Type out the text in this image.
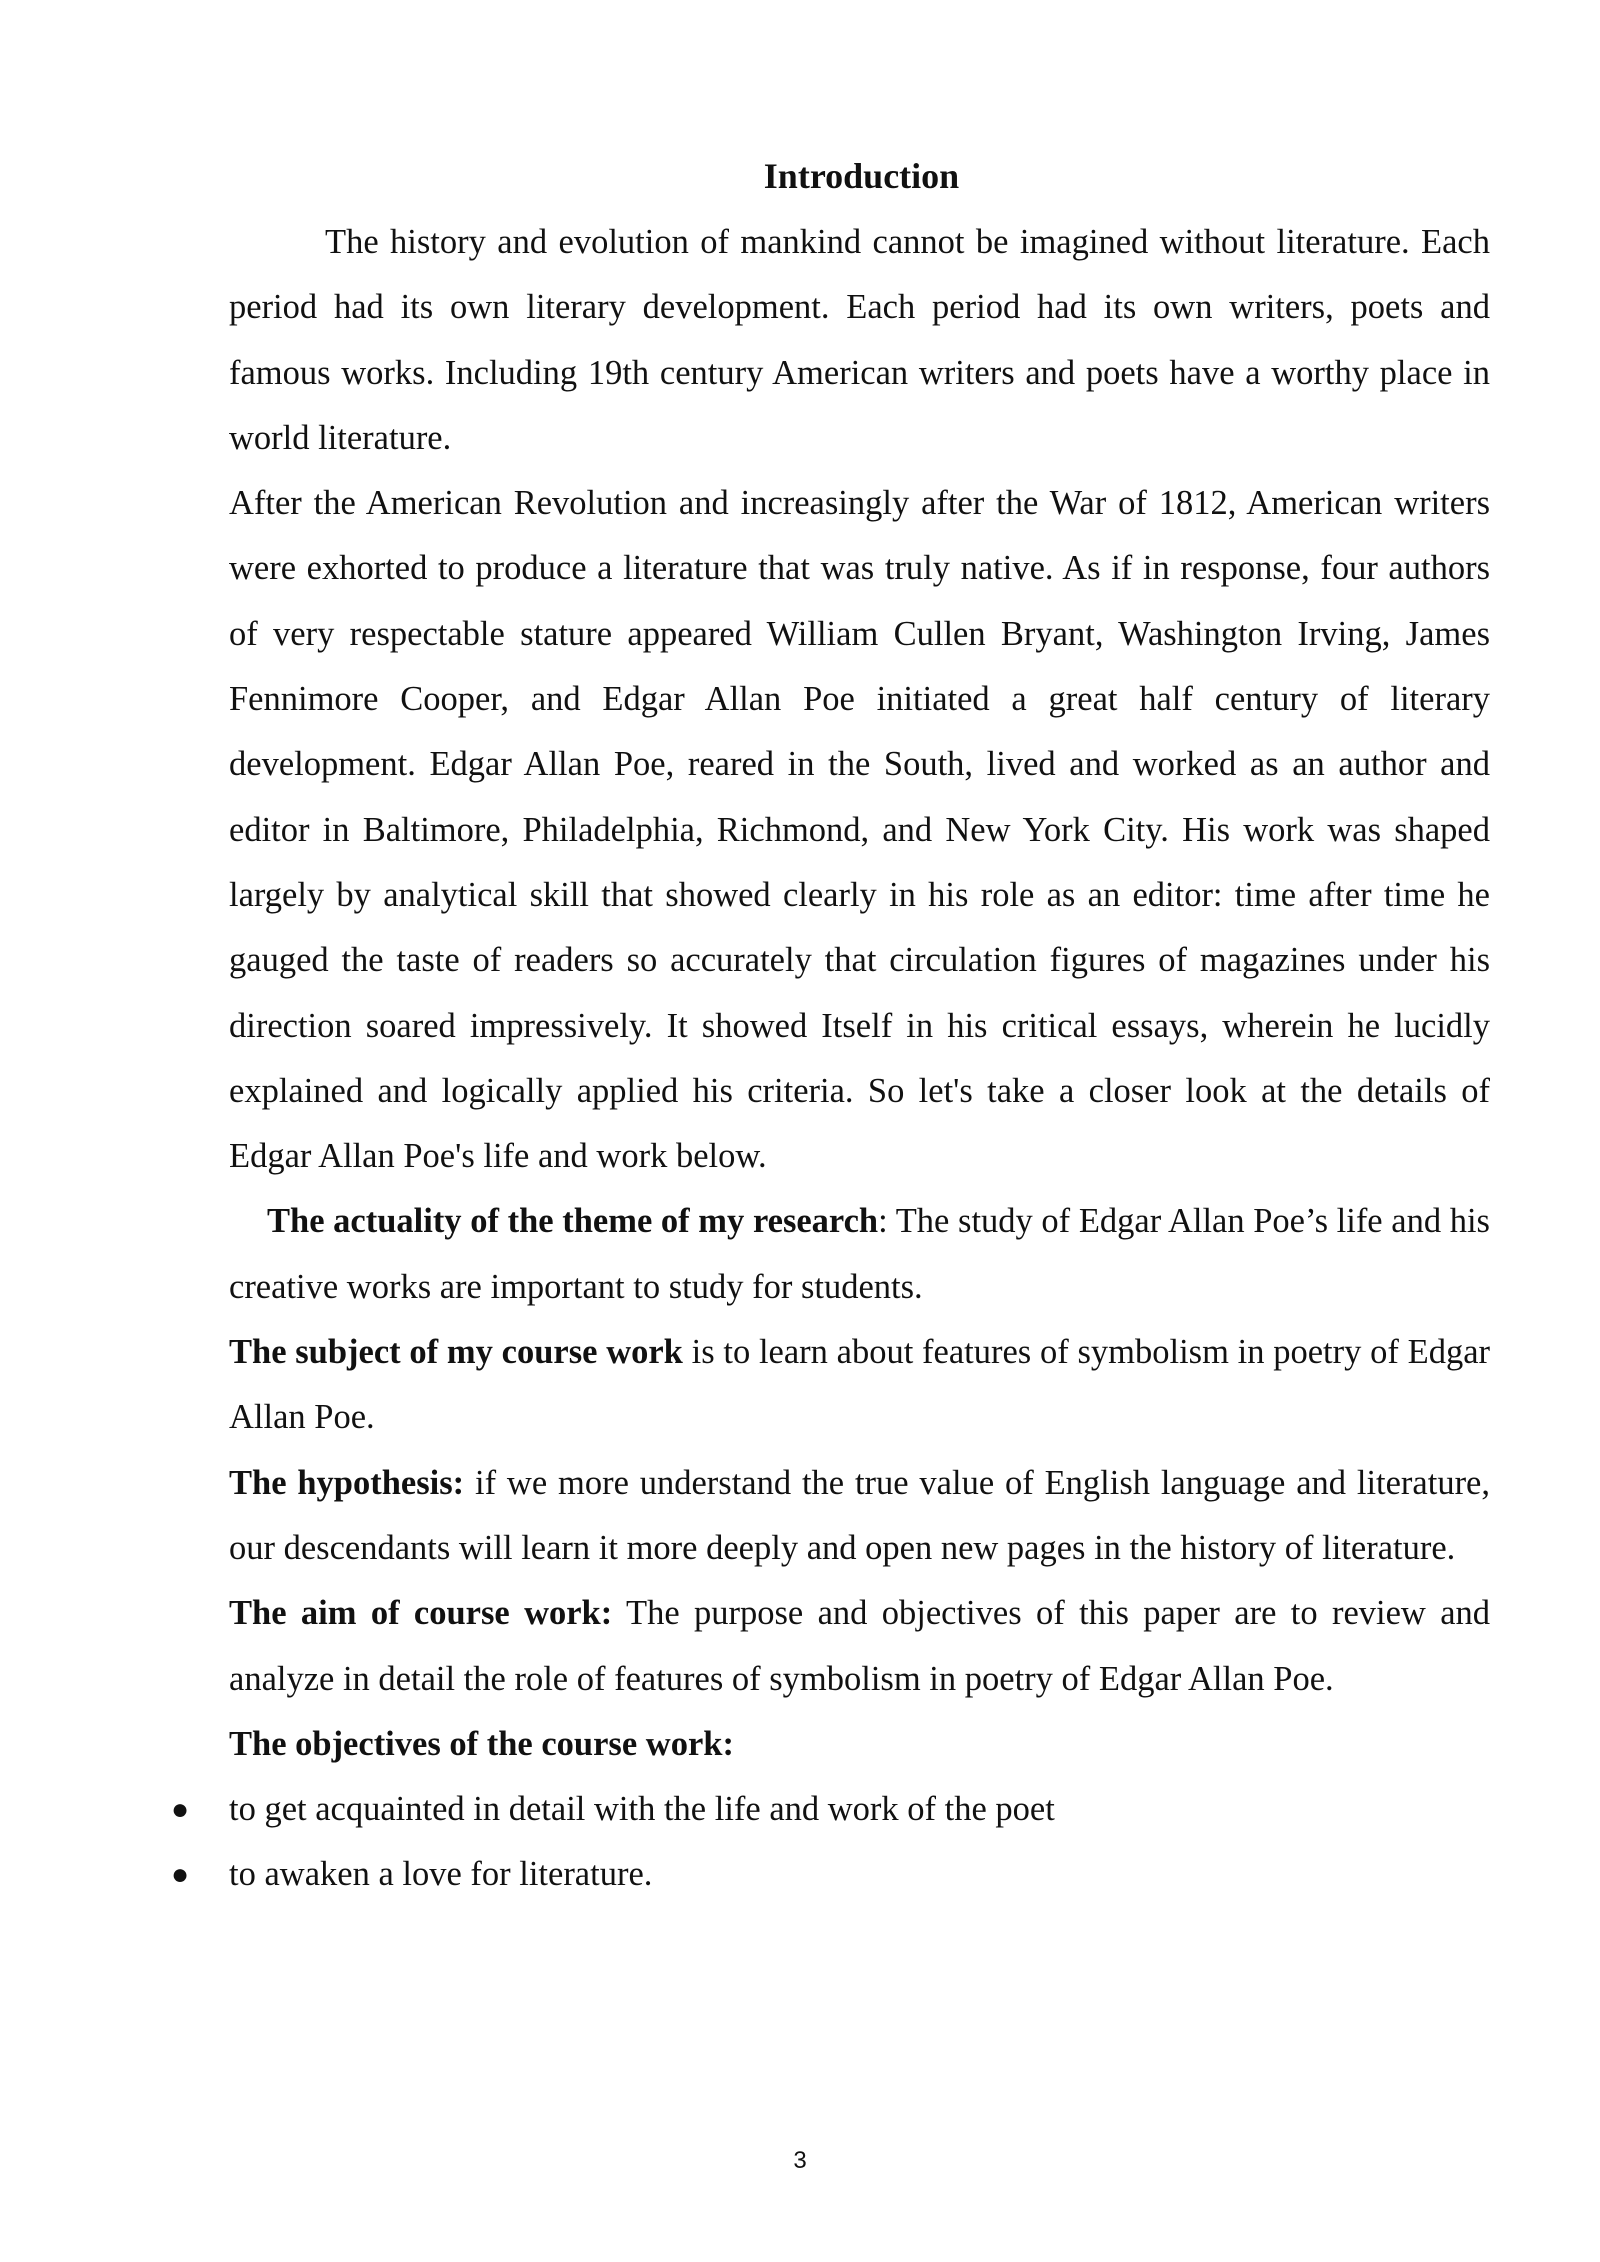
Introduction

The history and evolution of mankind cannot be imagined without literature. Each period had its own literary development. Each period had its own writers, poets and famous works. Including 19th century American writers and poets have a worthy place in world literature.

After the American Revolution and increasingly after the War of 1812, American writers were exhorted to produce a literature that was truly native. As if in response, four authors of very respectable stature appeared William Cullen Bryant, Washington Irving, James Fennimore Cooper, and Edgar Allan Poe initiated a great half century of literary development. Edgar Allan Poe, reared in the South, lived and worked as an author and editor in Baltimore, Philadelphia, Richmond, and New York City. His work was shaped largely by analytical skill that showed clearly in his role as an editor: time after time he gauged the taste of readers so accurately that circulation figures of magazines under his direction soared impressively. It showed Itself in his critical essays, wherein he lucidly explained and logically applied his criteria. So let's take a closer look at the details of Edgar Allan Poe's life and work below.

The actuality of the theme of my research: The study of Edgar Allan Poe’s life and his creative works are important to study for students.

The subject of my course work is to learn about features of symbolism in poetry of Edgar Allan Poe.

The hypothesis: if we more understand the true value of English language and literature, our descendants will learn it more deeply and open new pages in the history of literature.

The aim of course work: The purpose and objectives of this paper are to review and analyze in detail the role of features of symbolism in poetry of Edgar Allan Poe.

The objectives of the course work:

● to get acquainted in detail with the life and work of the poet
● to awaken a love for literature.
3
